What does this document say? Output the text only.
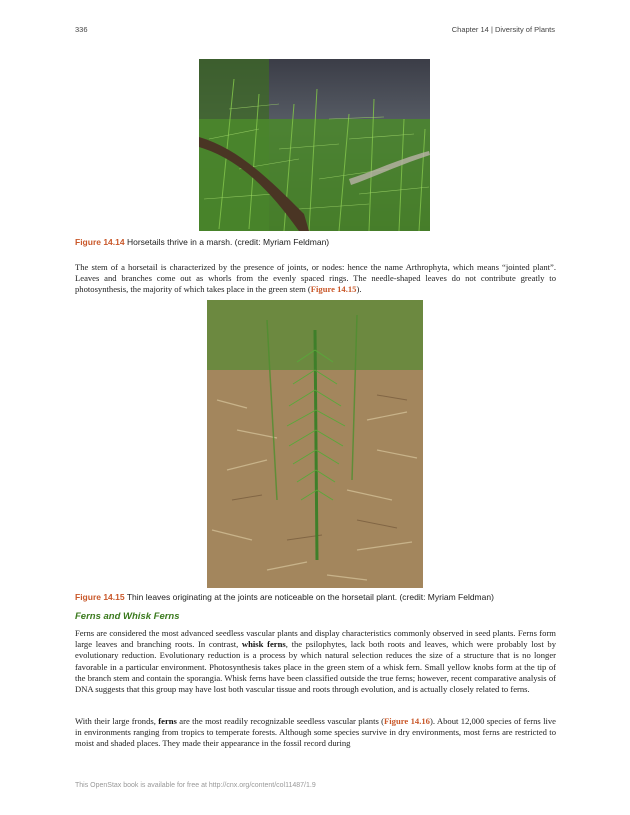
336	Chapter 14 | Diversity of Plants
Figure 14.14 Horsetails thrive in a marsh. (credit: Myriam Feldman)

The stem of a horsetail is characterized by the presence of joints, or nodes: hence the name Arthrophyta, which means “jointed plant”. Leaves and branches come out as whorls from the evenly spaced rings. The needle-shaped leaves do not contribute greatly to photosynthesis, the majority of which takes place in the green stem (Figure 14.15).

Figure 14.15 Thin leaves originating at the joints are noticeable on the horsetail plant. (credit: Myriam Feldman)
Ferns and Whisk Ferns

Ferns are considered the most advanced seedless vascular plants and display characteristics commonly observed in seed plants. Ferns form large leaves and branching roots. In contrast, whisk ferns, the psilophytes, lack both roots and leaves, which were probably lost by evolutionary reduction. Evolutionary reduction is a process by which natural selection reduces the size of a structure that is no longer favorable in a particular environment. Photosynthesis takes place in the green stem of a whisk fern. Small yellow knobs form at the tip of the branch stem and contain the sporangia. Whisk ferns have been classified outside the true ferns; however, recent comparative analysis of DNA suggests that this group may have lost both vascular tissue and roots through evolution, and is actually closely related to ferns.

With their large fronds, ferns are the most readily recognizable seedless vascular plants (Figure 14.16). About 12,000 species of ferns live in environments ranging from tropics to temperate forests. Although some species survive in dry environments, most ferns are restricted to moist and shaded places. They made their appearance in the fossil record during

This OpenStax book is available for free at http://cnx.org/content/col11487/1.9
